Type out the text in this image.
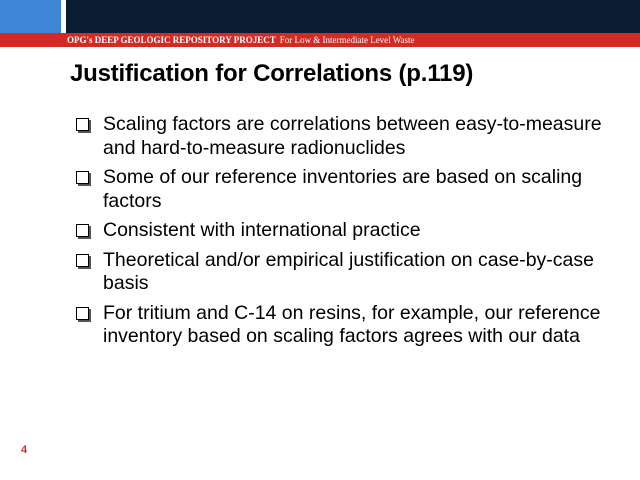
OPG's DEEP GEOLOGIC REPOSITORY PROJECT For Low & Intermediate Level Waste
Justification for Correlations (p.119)
Scaling factors are correlations between easy-to-measure and hard-to-measure radionuclides
Some of our reference inventories are based on scaling factors
Consistent with international practice
Theoretical and/or empirical justification on case-by-case basis
For tritium and C-14 on resins, for example, our reference inventory based on scaling factors agrees with our data
4
